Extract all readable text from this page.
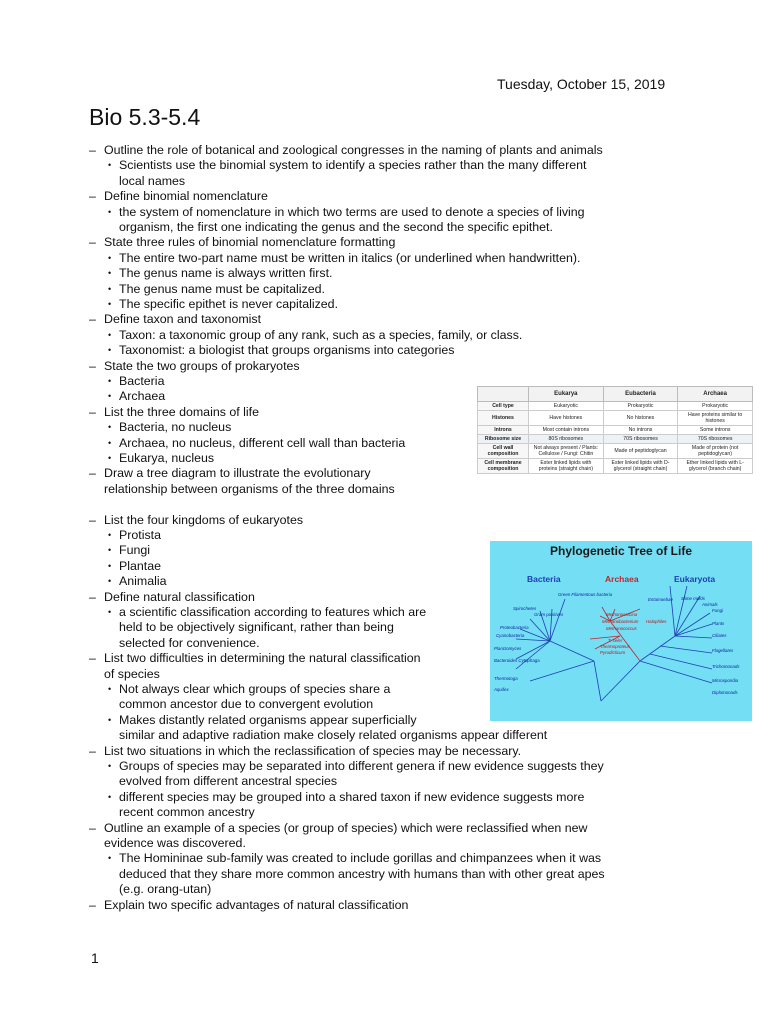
Tuesday, October 15, 2019
Bio 5.3-5.4
– Outline the role of botanical and zoological congresses in the naming of plants and animals
• Scientists use the binomial system to identify a species rather than the many different
local names
– Define binomial nomenclature
• the system of nomenclature in which two terms are used to denote a species of living
organism, the first one indicating the genus and the second the specific epithet.
– State three rules of binomial nomenclature formatting
• The entire two-part name must be written in italics (or underlined when handwritten).
• The genus name is always written first.
• The genus name must be capitalized.
• The specific epithet is never capitalized.
– Define taxon and taxonomist
• Taxon: a taxonomic group of any rank, such as a species, family, or class.
• Taxonomist: a biologist that groups organisms into categories
– State the two groups of prokaryotes
• Bacteria
• Archaea
– List the three domains of life
• Bacteria, no nucleus
• Archaea, no nucleus, different cell wall than bacteria
• Eukarya, nucleus
– Draw a tree diagram to illustrate the evolutionary
relationship between organisms of the three domains
– List the four kingdoms of eukaryotes
• Protista
• Fungi
• Plantae
• Animalia
– Define natural classification
• a scientific classification according to features which are
held to be objectively significant, rather than being
selected for convenience.
– List two difficulties in determining the natural classification
of species
• Not always clear which groups of species share a
common ancestor due to convergent evolution
• Makes distantly related organisms appear superficially
similar and adaptive radiation make closely related organisms appear different
– List two situations in which the reclassification of species may be necessary.
• Groups of species may be separated into different genera if new evidence suggests they
evolved from different ancestral species
• different species may be grouped into a shared taxon if new evidence suggests more
recent common ancestry
– Outline an example of a species (or group of species) which were reclassified when new
evidence was discovered.
• The Homininae sub-family was created to include gorillas and chimpanzees when it was
deduced that they share more common ancestry with humans than with other great apes
(e.g. orang-utan)
– Explain two specific advantages of natural classification
	Eukarya	Eubacteria	Archaea
Cell type	Eukaryotic	Prokaryotic	Prokaryotic
Histones	Have histones	No histones	Have proteins similar to histones
Introns	Most contain introns	No introns	Some introns
Ribosome size	80S ribosomes	70S ribosomes	70S ribosomes
Cell wall composition	Not always present / Plants: Cellulose / Fungi: Chitin	Made of peptidoglycan	Made of protein (not peptidoglycan)
Cell membrane composition	Ester linked lipids with proteins (straight chain)	Ester linked lipids with D-glycerol (straight chain)	Ether linked lipids with L-glycerol (branch chain)
Phylogenetic Tree of Life
Bacteria	Archaea	Eukaryota
Green Filamentous bacteria
Spirochetes
Gram positives
Proteobacteria
Cyanobacteria
Planctomyces
Bacteroides Cytophaga
Thermotoga
Aquifex
Methanosarcina
Methanobacterium
Methanococcus
T. celer
Thermoproteus
Pyrodicticum
Halophiles
Entamoebae Slime molds
Animals
Fungi
Plants
Ciliates
Flagellates
Trichomonads
Microsporidia
Diplomonads
1
